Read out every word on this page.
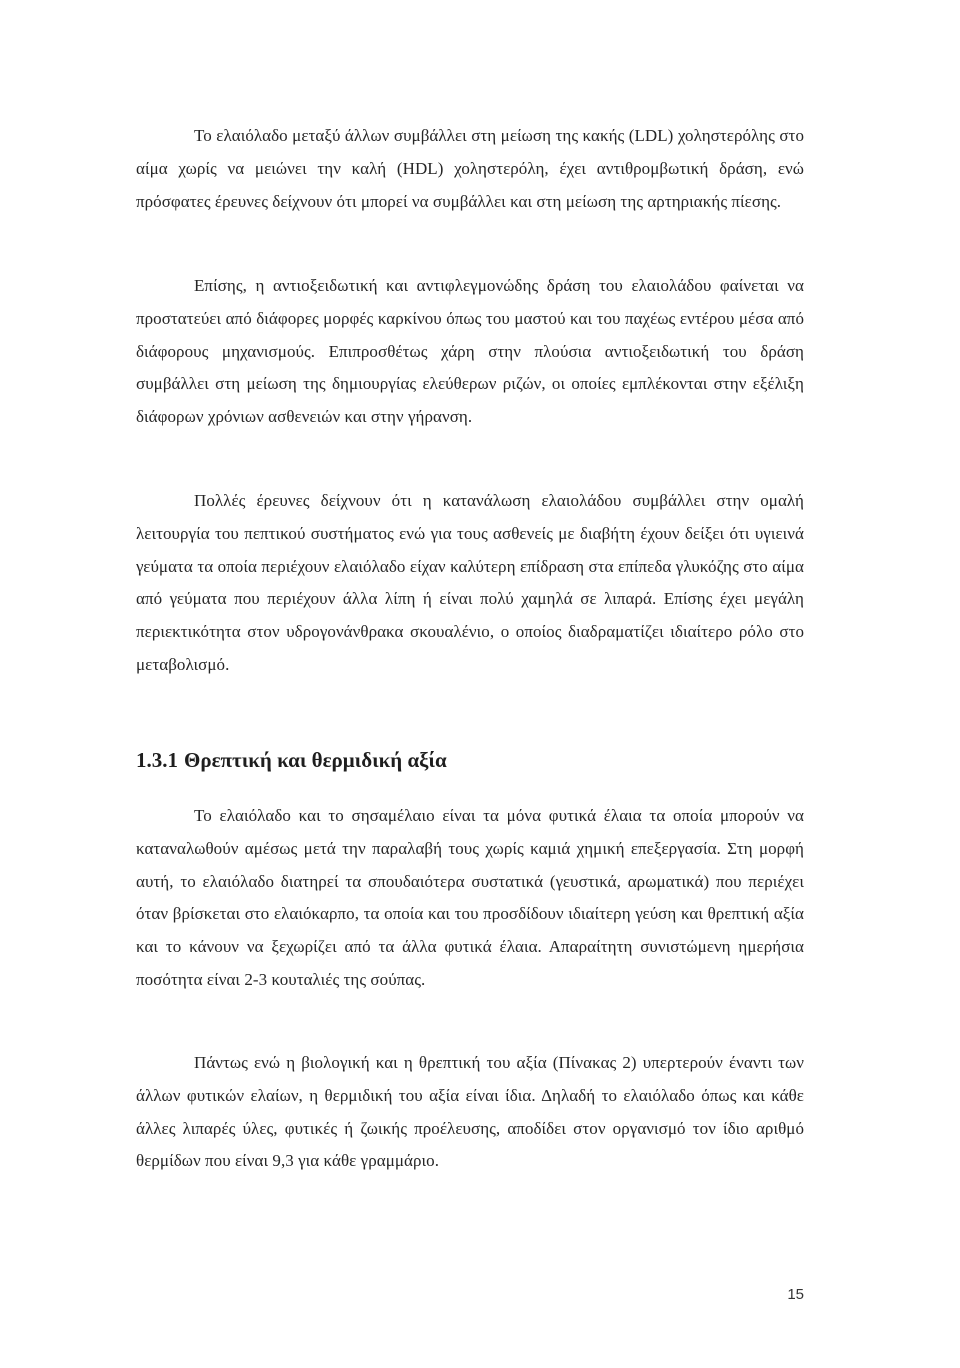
Το ελαιόλαδο μεταξύ άλλων συμβάλλει στη μείωση της κακής (LDL) χοληστερόλης στο αίμα χωρίς να μειώνει την καλή (HDL) χοληστερόλη, έχει αντιθρομβωτική δράση, ενώ πρόσφατες έρευνες δείχνουν ότι μπορεί να συμβάλλει και στη μείωση της αρτηριακής πίεσης.

Επίσης, η αντιοξειδωτική και αντιφλεγμονώδης δράση του ελαιολάδου φαίνεται να προστατεύει από διάφορες μορφές καρκίνου όπως του μαστού και του παχέως εντέρου μέσα από διάφορους μηχανισμούς. Επιπροσθέτως χάρη στην πλούσια αντιοξειδωτική του δράση συμβάλλει στη μείωση της δημιουργίας ελεύθερων ριζών, οι οποίες εμπλέκονται στην εξέλιξη διάφορων χρόνιων ασθενειών και στην γήρανση.

Πολλές έρευνες δείχνουν ότι η κατανάλωση ελαιολάδου συμβάλλει στην ομαλή λειτουργία του πεπτικού συστήματος ενώ για τους ασθενείς με διαβήτη έχουν δείξει ότι υγιεινά γεύματα τα οποία περιέχουν ελαιόλαδο είχαν καλύτερη επίδραση στα επίπεδα γλυκόζης στο αίμα από γεύματα που περιέχουν άλλα λίπη ή είναι πολύ χαμηλά σε λιπαρά. Επίσης έχει μεγάλη περιεκτικότητα στον υδρογονάνθρακα σκουαλένιο, ο οποίος διαδραματίζει ιδιαίτερο ρόλο στο μεταβολισμό.

1.3.1 Θρεπτική και θερμιδική αξία

Το ελαιόλαδο και το σησαμέλαιο είναι τα μόνα φυτικά έλαια τα οποία μπορούν να καταναλωθούν αμέσως μετά την παραλαβή τους χωρίς καμιά χημική επεξεργασία. Στη μορφή αυτή, το ελαιόλαδο διατηρεί τα σπουδαιότερα συστατικά (γευστικά, αρωματικά) που περιέχει όταν βρίσκεται στο ελαιόκαρπο, τα οποία και του προσδίδουν ιδιαίτερη γεύση και θρεπτική αξία και το κάνουν να ξεχωρίζει από τα άλλα φυτικά έλαια. Απαραίτητη συνιστώμενη ημερήσια ποσότητα είναι 2-3 κουταλιές της σούπας.

Πάντως ενώ η βιολογική και η θρεπτική του αξία (Πίνακας 2) υπερτερούν έναντι των άλλων φυτικών ελαίων, η θερμιδική του αξία είναι ίδια. Δηλαδή το ελαιόλαδο όπως και κάθε άλλες λιπαρές ύλες, φυτικές ή ζωικής προέλευσης, αποδίδει στον οργανισμό τον ίδιο αριθμό θερμίδων που είναι 9,3 για κάθε γραμμάριο.

15
